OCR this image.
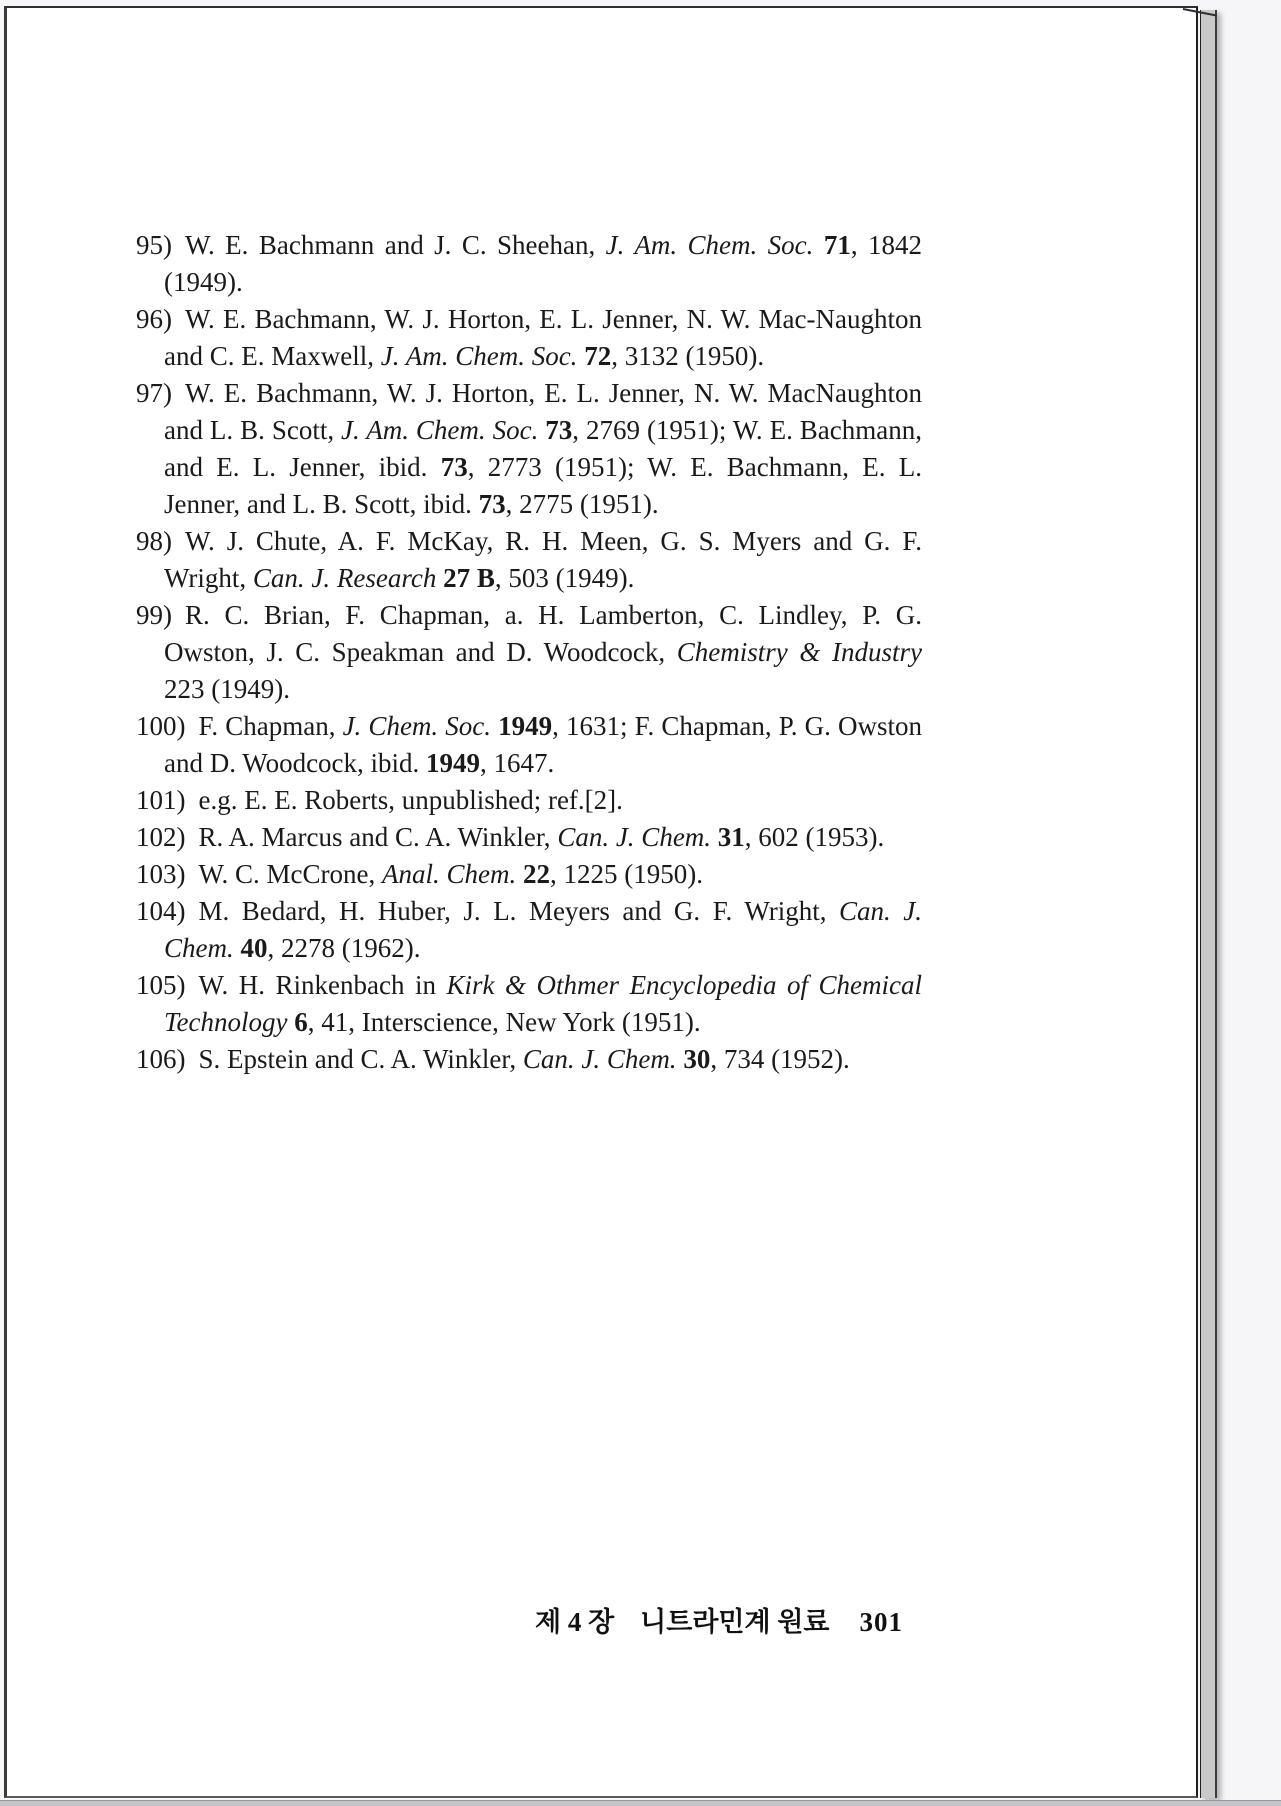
95) W. E. Bachmann and J. C. Sheehan, J. Am. Chem. Soc. 71, 1842 (1949).
96) W. E. Bachmann, W. J. Horton, E. L. Jenner, N. W. Mac-Naughton and C. E. Maxwell, J. Am. Chem. Soc. 72, 3132 (1950).
97) W. E. Bachmann, W. J. Horton, E. L. Jenner, N. W. MacNaughton and L. B. Scott, J. Am. Chem. Soc. 73, 2769 (1951); W. E. Bachmann, and E. L. Jenner, ibid. 73, 2773 (1951); W. E. Bachmann, E. L. Jenner, and L. B. Scott, ibid. 73, 2775 (1951).
98) W. J. Chute, A. F. McKay, R. H. Meen, G. S. Myers and G. F. Wright, Can. J. Research 27 B, 503 (1949).
99) R. C. Brian, F. Chapman, a. H. Lamberton, C. Lindley, P. G. Owston, J. C. Speakman and D. Woodcock, Chemistry & Industry 223 (1949).
100) F. Chapman, J. Chem. Soc. 1949, 1631; F. Chapman, P. G. Owston and D. Woodcock, ibid. 1949, 1647.
101) e.g. E. E. Roberts, unpublished; ref.[2].
102) R. A. Marcus and C. A. Winkler, Can. J. Chem. 31, 602 (1953).
103) W. C. McCrone, Anal. Chem. 22, 1225 (1950).
104) M. Bedard, H. Huber, J. L. Meyers and G. F. Wright, Can. J. Chem. 40, 2278 (1962).
105) W. H. Rinkenbach in Kirk & Othmer Encyclopedia of Chemical Technology 6, 41, Interscience, New York (1951).
106) S. Epstein and C. A. Winkler, Can. J. Chem. 30, 734 (1952).
제 4 장 니트라민계 원료 301
